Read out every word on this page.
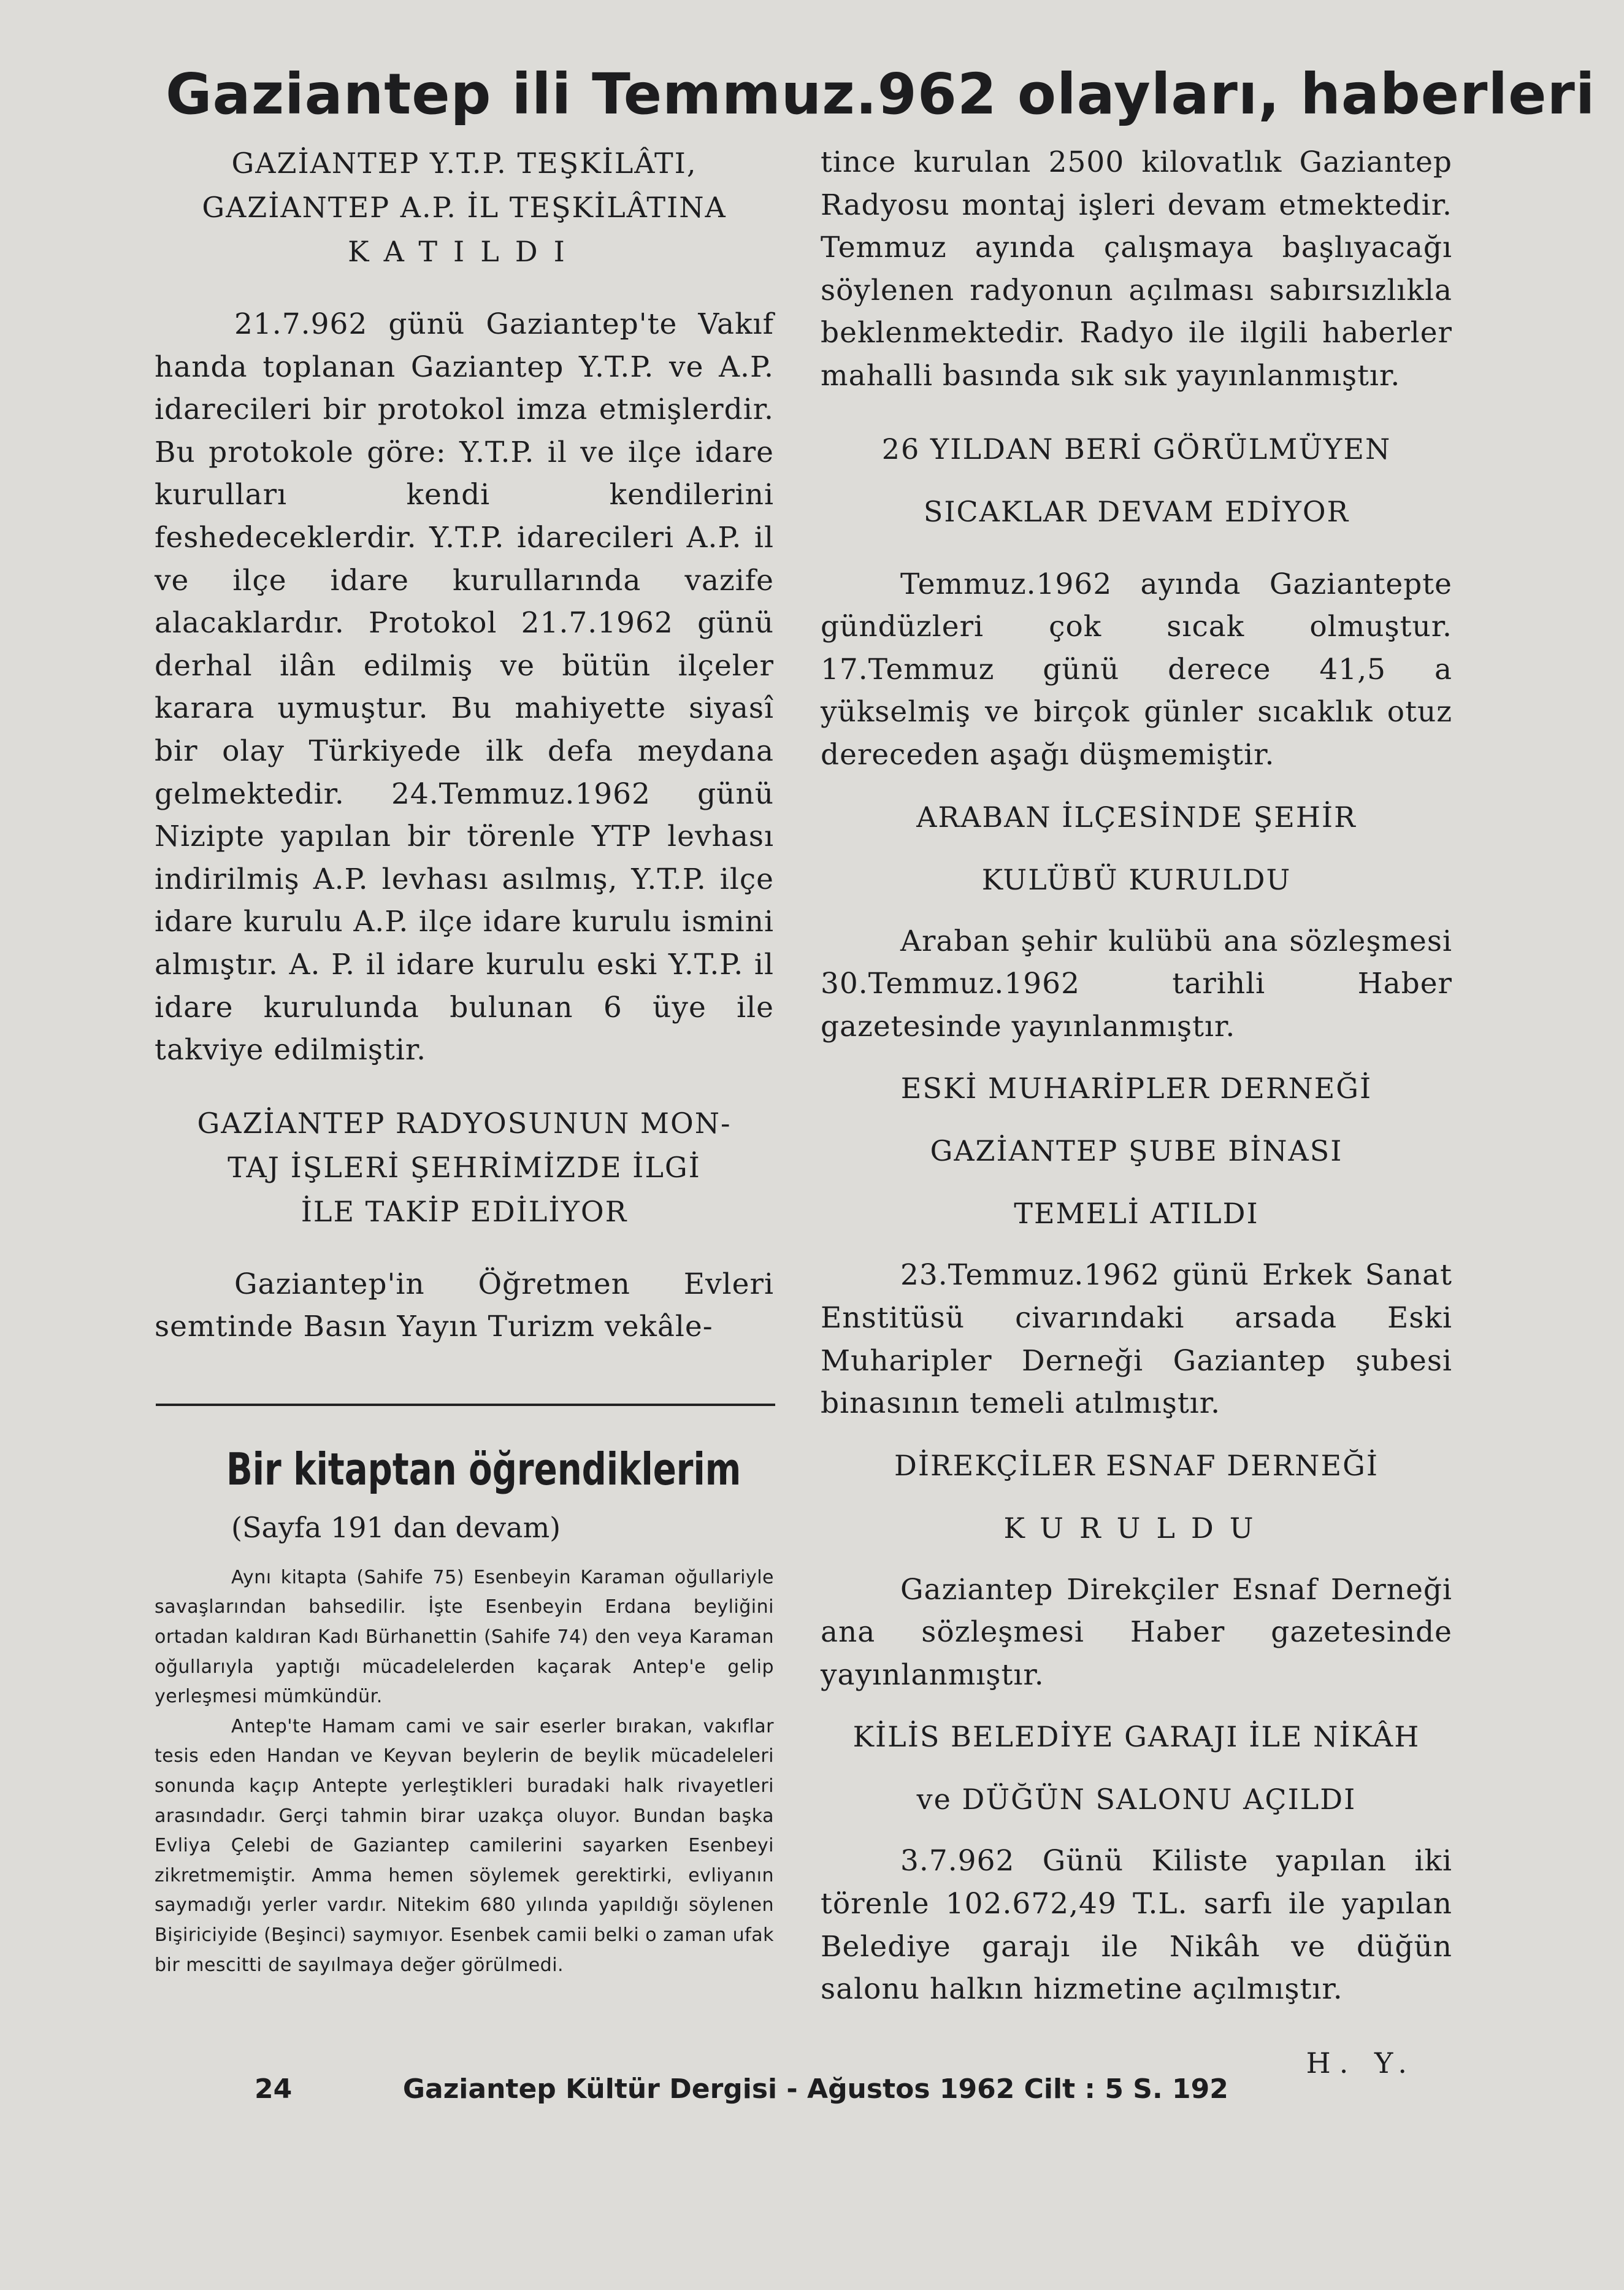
Gaziantep ili Temmuz.962 olayları, haberleri

GAZİANTEP Y.T.P. TEŞKİLÂTI,

GAZİANTEP A.P. İL TEŞKİLÂTINA

KATILDI

21.7.962 günü Gaziantep'te Vakıf handa toplanan Gaziantep Y.T.P. ve A.P. idarecileri bir protokol imza etmişlerdir. Bu protokole göre: Y.T.P. il ve ilçe idare kurulları kendi kendilerini feshedeceklerdir. Y.T.P. idarecileri A.P. il ve ilçe idare kurullarında vazife alacaklardır. Protokol 21.7.1962 günü derhal ilân edilmiş ve bütün ilçeler karara uymuştur. Bu mahiyette siyasî bir olay Türkiyede ilk defa meydana gelmektedir. 24.Temmuz.1962 günü Nizipte yapılan bir törenle YTP levhası indirilmiş A.P. levhası asılmış, Y.T.P. ilçe idare kurulu A.P. ilçe idare kurulu ismini almıştır. A. P. il idare kurulu eski Y.T.P. il idare kurulunda bulunan 6 üye ile takviye edilmiştir.

GAZİANTEP RADYOSUNUN MON-

TAJ İŞLERİ ŞEHRİMİZDE İLGİ

İLE TAKİP EDİLİYOR

Gaziantep'in Öğretmen Evleri semtinde Basın Yayın Turizm vekâle-

Bir kitaptan öğrendiklerim
(Sayfa 191 dan devam)

Aynı kitapta (Sahife 75) Esenbeyin Karaman oğullariyle savaşlarından bahsedilir. İşte Esenbeyin Erdana beyliğini ortadan kaldıran Kadı Bürhanettin (Sahife 74) den veya Karaman oğullarıyla yaptığı mücadelelerden kaçarak Antep'e gelip yerleşmesi mümkündür.

Antep'te Hamam cami ve sair eserler bırakan, vakıflar tesis eden Handan ve Keyvan beylerin de beylik mücadeleleri sonunda kaçıp Antepte yerleştikleri buradaki halk rivayetleri arasındadır. Gerçi tahmin birar uzakça oluyor. Bundan başka Evliya Çelebi de Gaziantep camilerini sayarken Esenbeyi zikretmemiştir. Amma hemen söylemek gerektirki, evliyanın saymadığı yerler vardır. Nitekim 680 yılında yapıldığı söylenen Bişiriciyide (Beşinci) saymıyor. Esenbek camii belki o zaman ufak bir mescitti de sayılmaya değer görülmedi.

tince kurulan 2500 kilovatlık Gaziantep Radyosu montaj işleri devam etmektedir. Temmuz ayında çalışmaya başlıyacağı söylenen radyonun açılması sabırsızlıkla beklenmektedir. Radyo ile ilgili haberler mahalli basında sık sık yayınlanmıştır.

26 YILDAN BERİ GÖRÜLMÜYEN

SICAKLAR DEVAM EDİYOR

Temmuz.1962 ayında Gaziantepte gündüzleri çok sıcak olmuştur. 17.Temmuz günü derece 41,5 a yükselmiş ve birçok günler sıcaklık otuz dereceden aşağı düşmemiştir.

ARABAN İLÇESİNDE ŞEHİR

KULÜBÜ KURULDU

Araban şehir kulübü ana sözleşmesi 30.Temmuz.1962 tarihli Haber gazetesinde yayınlanmıştır.

ESKİ MUHARİPLER DERNEĞİ

GAZİANTEP ŞUBE BİNASI

TEMELİ ATILDI

23.Temmuz.1962 günü Erkek Sanat Enstitüsü civarındaki arsada Eski Muharipler Derneği Gaziantep şubesi binasının temeli atılmıştır.

DİREKÇİLER ESNAF DERNEĞİ

KURULDU

Gaziantep Direkçiler Esnaf Derneği ana sözleşmesi Haber gazetesinde yayınlanmıştır.

KİLİS BELEDİYE GARAJI İLE NİKÂH

ve DÜĞÜN SALONU AÇILDI

3.7.962 Günü Kiliste yapılan iki törenle 102.672,49 T.L. sarfı ile yapılan Belediye garajı ile Nikâh ve düğün salonu halkın hizmetine açılmıştır.

H. Y.

24	Gaziantep Kültür Dergisi - Ağustos 1962 Cilt : 5 S. 192
